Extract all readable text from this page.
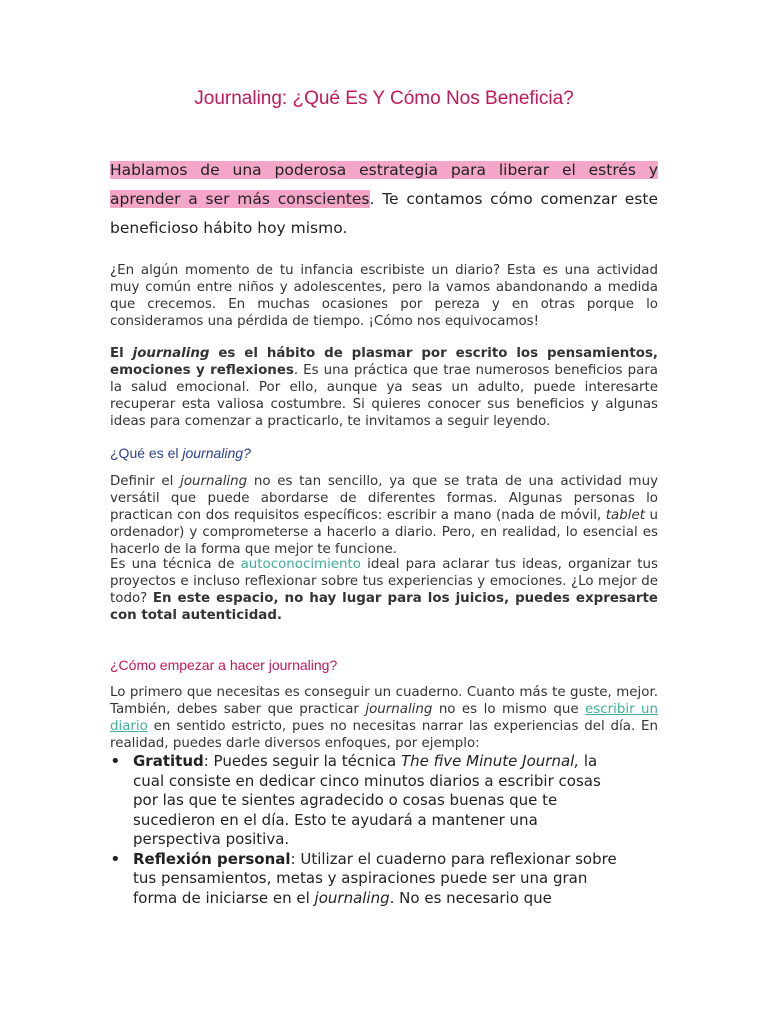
Journaling: ¿Qué Es Y Cómo Nos Beneficia?
Hablamos de una poderosa estrategia para liberar el estrés y aprender a ser más conscientes. Te contamos cómo comenzar este beneficioso hábito hoy mismo.
¿En algún momento de tu infancia escribiste un diario? Esta es una actividad muy común entre niños y adolescentes, pero la vamos abandonando a medida que crecemos. En muchas ocasiones por pereza y en otras porque lo consideramos una pérdida de tiempo. ¡Cómo nos equivocamos!
El journaling es el hábito de plasmar por escrito los pensamientos, emociones y reflexiones. Es una práctica que trae numerosos beneficios para la salud emocional. Por ello, aunque ya seas un adulto, puede interesarte recuperar esta valiosa costumbre. Si quieres conocer sus beneficios y algunas ideas para comenzar a practicarlo, te invitamos a seguir leyendo.
¿Qué es el journaling?
Definir el journaling no es tan sencillo, ya que se trata de una actividad muy versátil que puede abordarse de diferentes formas. Algunas personas lo practican con dos requisitos específicos: escribir a mano (nada de móvil, tablet u ordenador) y comprometerse a hacerlo a diario. Pero, en realidad, lo esencial es hacerlo de la forma que mejor te funcione.
Es una técnica de autoconocimiento ideal para aclarar tus ideas, organizar tus proyectos e incluso reflexionar sobre tus experiencias y emociones. ¿Lo mejor de todo? En este espacio, no hay lugar para los juicios, puedes expresarte con total autenticidad.
¿Cómo empezar a hacer journaling?
Lo primero que necesitas es conseguir un cuaderno. Cuanto más te guste, mejor. También, debes saber que practicar journaling no es lo mismo que escribir un diario en sentido estricto, pues no necesitas narrar las experiencias del día. En realidad, puedes darle diversos enfoques, por ejemplo:
• Gratitud: Puedes seguir la técnica The five Minute Journal, la cual consiste en dedicar cinco minutos diarios a escribir cosas por las que te sientes agradecido o cosas buenas que te sucedieron en el día. Esto te ayudará a mantener una perspectiva positiva.
• Reflexión personal: Utilizar el cuaderno para reflexionar sobre tus pensamientos, metas y aspiraciones puede ser una gran forma de iniciarse en el journaling. No es necesario que
